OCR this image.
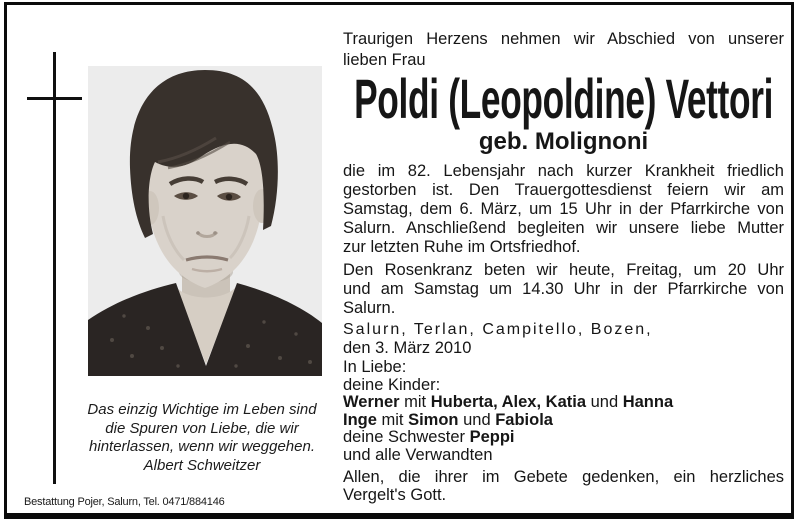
Das einzig Wichtige im Leben sind
die Spuren von Liebe, die wir
hinterlassen, wenn wir weggehen.
Albert Schweitzer
Bestattung Pojer, Salurn, Tel. 0471/884146
Traurigen Herzens nehmen wir Abschied von unserer
lieben Frau
Poldi (Leopoldine) Vettori
geb. Molignoni
die im 82. Lebensjahr nach kurzer Krankheit friedlich
gestorben ist. Den Trauergottesdienst feiern wir am
Samstag, dem 6. März, um 15 Uhr in der Pfarrkirche von
Salurn. Anschließend begleiten wir unsere liebe Mutter
zur letzten Ruhe im Ortsfriedhof.
Den Rosenkranz beten wir heute, Freitag, um 20 Uhr
und am Samstag um 14.30 Uhr in der Pfarrkirche von
Salurn.
Salurn, Terlan, Campitello, Bozen,
den 3. März 2010
In Liebe:
deine Kinder:
Werner mit Huberta, Alex, Katia und Hanna
Inge mit Simon und Fabiola
deine Schwester Peppi
und alle Verwandten
Allen, die ihrer im Gebete gedenken, ein herzliches
Vergelt's Gott.
